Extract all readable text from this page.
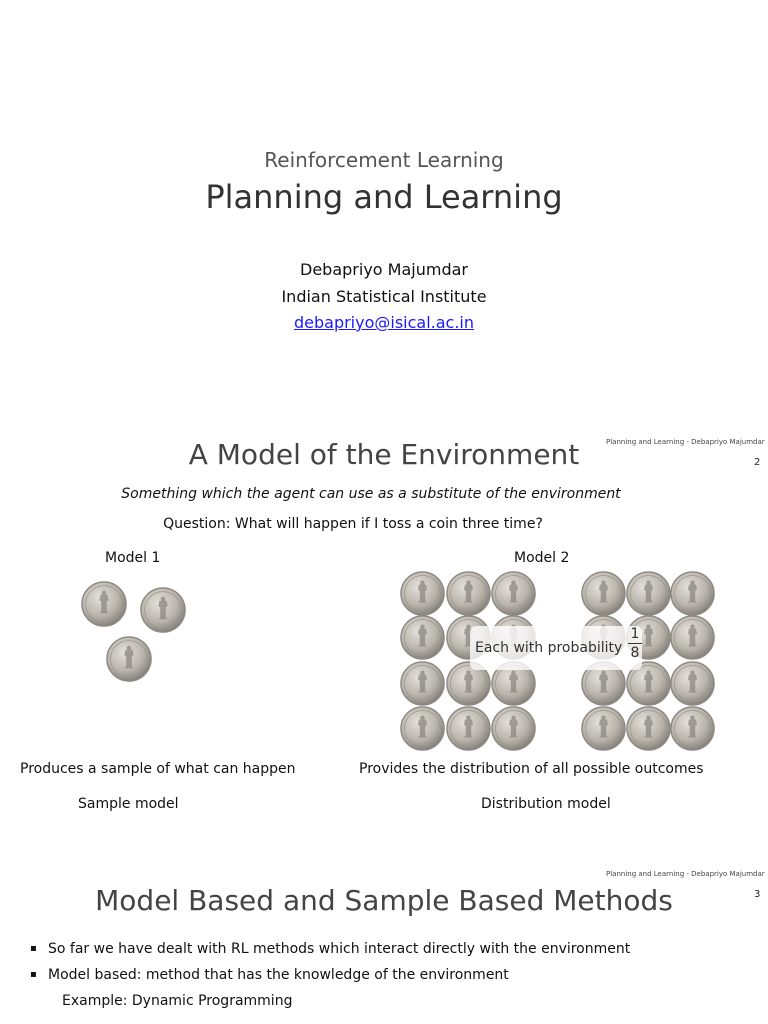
Reinforcement Learning
Planning and Learning
Debapriyo Majumdar
Indian Statistical Institute
debapriyo@isical.ac.in
Planning and Learning - Debapriyo Majumdar
2
A Model of the Environment
Something which the agent can use as a substitute of the environment
Question: What will happen if I toss a coin three time?
Model 1	Model 2
Each with probability
1
8
Produces a sample of what can happen	Provides the distribution of all possible outcomes
Sample model	Distribution model
Planning and Learning - Debapriyo Majumdar
3
Model Based and Sample Based Methods
▪ So far we have dealt with RL methods which interact directly with the environment
▪ Model based: method that has the knowledge of the environment
Example: Dynamic Programming
